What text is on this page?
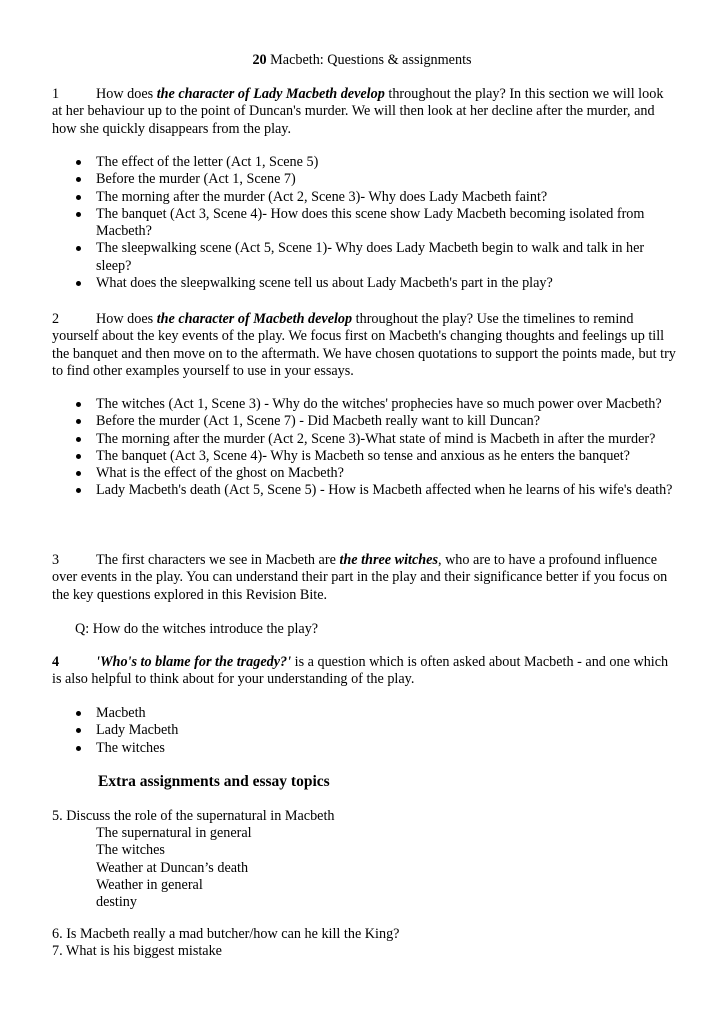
20 Macbeth: Questions & assignments

1	How does the character of Lady Macbeth develop throughout the play? In this section we will look at her behaviour up to the point of Duncan's murder. We will then look at her decline after the murder, and how she quickly disappears from the play.

The effect of the letter (Act 1, Scene 5)
Before the murder (Act 1, Scene 7)
The morning after the murder (Act 2, Scene 3)- Why does Lady Macbeth faint?
The banquet (Act 3, Scene 4)- How does this scene show Lady Macbeth becoming isolated from Macbeth?
The sleepwalking scene (Act 5, Scene 1)- Why does Lady Macbeth begin to walk and talk in her sleep?
What does the sleepwalking scene tell us about Lady Macbeth's part in the play?

2	How does the character of Macbeth develop throughout the play? Use the timelines to remind yourself about the key events of the play. We focus first on Macbeth's changing thoughts and feelings up till the banquet and then move on to the aftermath. We have chosen quotations to support the points made, but try to find other examples yourself to use in your essays.

The witches (Act 1, Scene 3) - Why do the witches' prophecies have so much power over Macbeth?
Before the murder (Act 1, Scene 7) - Did Macbeth really want to kill Duncan?
The morning after the murder (Act 2, Scene 3)-What state of mind is Macbeth in after the murder?
The banquet (Act 3, Scene 4)- Why is Macbeth so tense and anxious as he enters the banquet?
What is the effect of the ghost on Macbeth?
Lady Macbeth's death (Act 5, Scene 5) - How is Macbeth affected when he learns of his wife's death?

3	The first characters we see in Macbeth are the three witches, who are to have a profound influence over events in the play. You can understand their part in the play and their significance better if you focus on the key questions explored in this Revision Bite.

Q: How do the witches introduce the play?

4	'Who's to blame for the tragedy?' is a question which is often asked about Macbeth - and one which is also helpful to think about for your understanding of the play.

Macbeth
Lady Macbeth
The witches
Extra assignments and essay topics
5. Discuss the role of the supernatural in Macbeth
The supernatural in general
The witches
Weather at Duncan’s death
Weather in general
destiny
6. Is Macbeth really a mad butcher/how can he kill the King?
7. What is his biggest mistake
